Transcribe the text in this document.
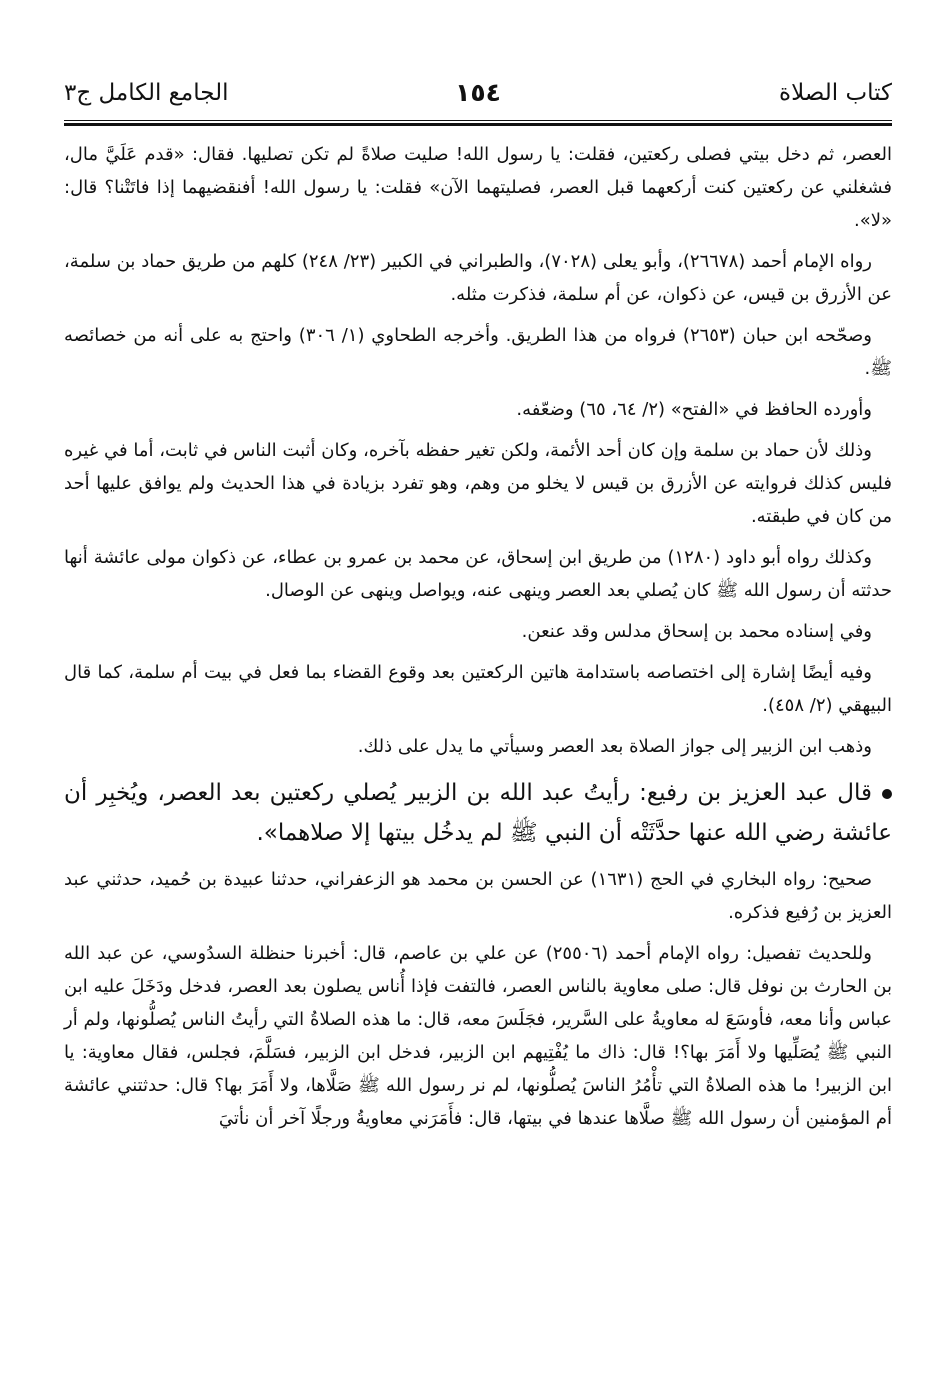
كتاب الصلاة
١٥٤
الجامع الكامل ج٣

العصر، ثم دخل بيتي فصلى ركعتين، فقلت: يا رسول الله! صليت صلاةً لم تكن تصليها. فقال: «قدم عَلَيَّ مال، فشغلني عن ركعتين كنت أركعهما قبل العصر، فصليتهما الآن» فقلت: يا رسول الله! أفنقضيهما إذا فاتَتْنا؟ قال: «لا».

رواه الإمام أحمد (٢٦٦٧٨)، وأبو يعلى (٧٠٢٨)، والطبراني في الكبير (٢٣/ ٢٤٨) كلهم من طريق حماد بن سلمة، عن الأزرق بن قيس، عن ذكوان، عن أم سلمة، فذكرت مثله.

وصحّحه ابن حبان (٢٦٥٣) فرواه من هذا الطريق. وأخرجه الطحاوي (١/ ٣٠٦) واحتج به على أنه من خصائصه ﷺ.

وأورده الحافظ في «الفتح» (٢/ ٦٤، ٦٥) وضعّفه.

وذلك لأن حماد بن سلمة وإن كان أحد الأئمة، ولكن تغير حفظه بآخره، وكان أثبت الناس في ثابت، أما في غيره فليس كذلك فروايته عن الأزرق بن قيس لا يخلو من وهم، وهو تفرد بزيادة في هذا الحديث ولم يوافق عليها أحد من كان في طبقته.

وكذلك رواه أبو داود (١٢٨٠) من طريق ابن إسحاق، عن محمد بن عمرو بن عطاء، عن ذكوان مولى عائشة أنها حدثته أن رسول الله ﷺ كان يُصلي بعد العصر وينهى عنه، ويواصل وينهى عن الوصال.

وفي إسناده محمد بن إسحاق مدلس وقد عنعن.

وفيه أيضًا إشارة إلى اختصاصه باستدامة هاتين الركعتين بعد وقوع القضاء بما فعل في بيت أم سلمة، كما قال البيهقي (٢/ ٤٥٨).

وذهب ابن الزبير إلى جواز الصلاة بعد العصر وسيأتي ما يدل على ذلك.

قال عبد العزيز بن رفيع: رأيتُ عبد الله بن الزبير يُصلي ركعتين بعد العصر، ويُخبِر أن عائشة رضي الله عنها حدَّثَتْه أن النبي ﷺ لم يدخُل بيتها إلا صلاهما».

صحيح: رواه البخاري في الحج (١٦٣١) عن الحسن بن محمد هو الزعفراني، حدثنا عبيدة بن حُميد، حدثني عبد العزيز بن رُفيع فذكره.

وللحديث تفصيل: رواه الإمام أحمد (٢٥٥٠٦) عن علي بن عاصم، قال: أخبرنا حنظلة السدُوسي، عن عبد الله بن الحارث بن نوفل قال: صلى معاوية بالناس العصر، فالتفت فإذا أُناس يصلون بعد العصر، فدخل ودَخَلَ عليه ابن عباس وأنا معه، فأوسَعَ له معاويةُ على السَّرير، فجَلَسَ معه، قال: ما هذه الصلاةُ التي رأيتُ الناس يُصلُّونها، ولم أر النبي ﷺ يُصَلِّيها ولا أَمَرَ بها؟! قال: ذاك ما يُفْتِيهم ابن الزبير، فدخل ابن الزبير، فسَلَّمَ، فجلس، فقال معاوية: يا ابن الزبير! ما هذه الصلاةُ التي تأْمُرُ الناسَ يُصلُّونها، لم نر رسول الله ﷺ صَلَّاها، ولا أَمَرَ بها؟ قال: حدثتني عائشة أم المؤمنين أن رسول الله ﷺ صلَّاها عندها في بيتها، قال: فأَمَرَني معاويةُ ورجلًا آخر أن نأتيَ
